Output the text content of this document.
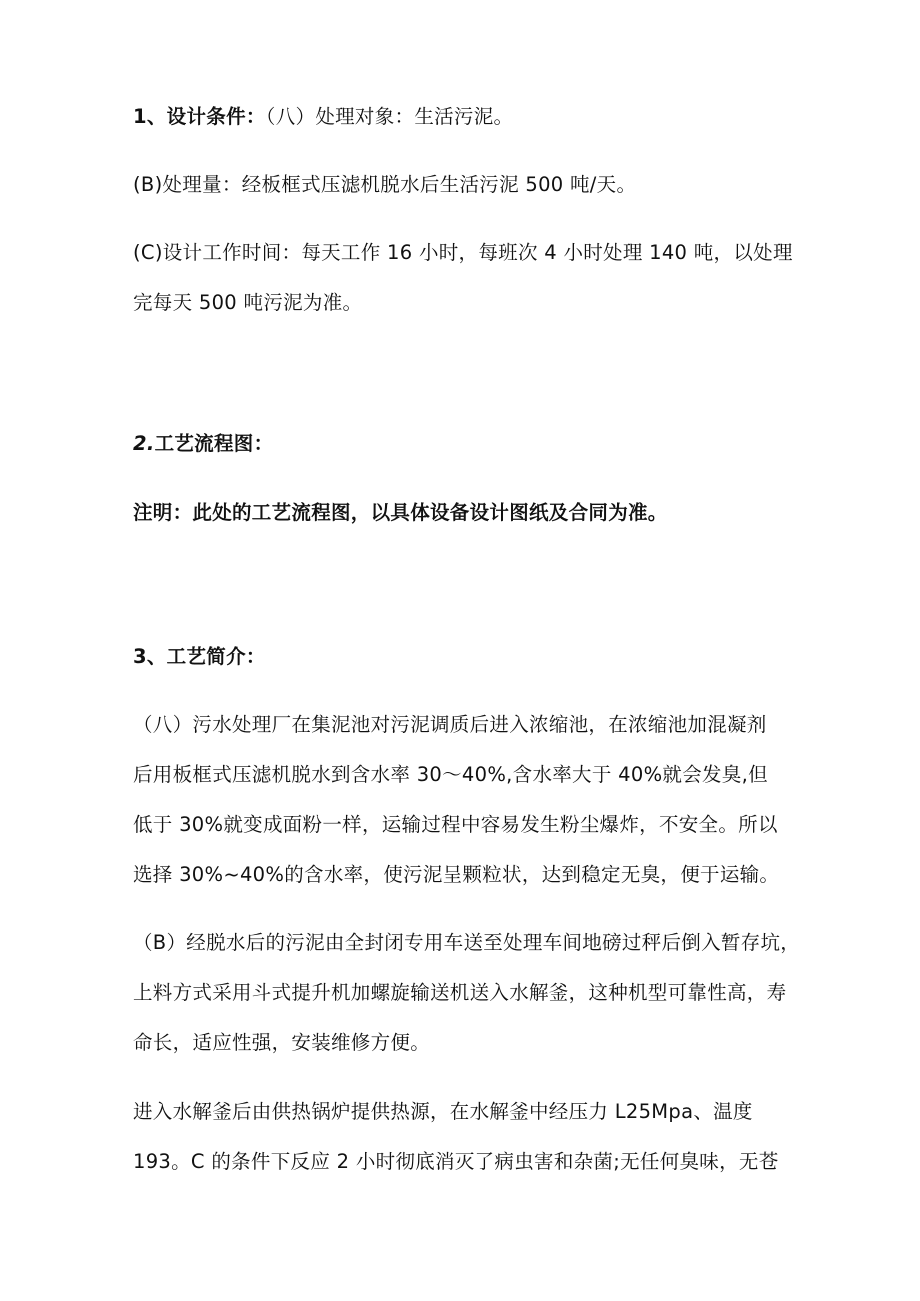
1、设计条件：（八）处理对象：生活污泥。
(B)处理量：经板框式压滤机脱水后生活污泥 500 吨/天。
(C)设计工作时间：每天工作 16 小时，每班次 4 小时处理 140 吨，以处理
完每天 500 吨污泥为准。
2.工艺流程图：
注明：此处的工艺流程图，以具体设备设计图纸及合同为准。
3、工艺简介：
（八）污水处理厂在集泥池对污泥调质后进入浓缩池，在浓缩池加混凝剂
后用板框式压滤机脱水到含水率 30～40%,含水率大于 40%就会发臭,但
低于 30%就变成面粉一样，运输过程中容易发生粉尘爆炸，不安全。所以
选择 30%~40%的含水率，使污泥呈颗粒状，达到稳定无臭，便于运输。
（B）经脱水后的污泥由全封闭专用车送至处理车间地磅过秤后倒入暂存坑，
上料方式采用斗式提升机加螺旋输送机送入水解釜，这种机型可靠性高，寿
命长，适应性强，安装维修方便。
进入水解釜后由供热锅炉提供热源，在水解釜中经压力 L25Mpa、温度
193。C 的条件下反应 2 小时彻底消灭了病虫害和杂菌;无任何臭味，无苍
